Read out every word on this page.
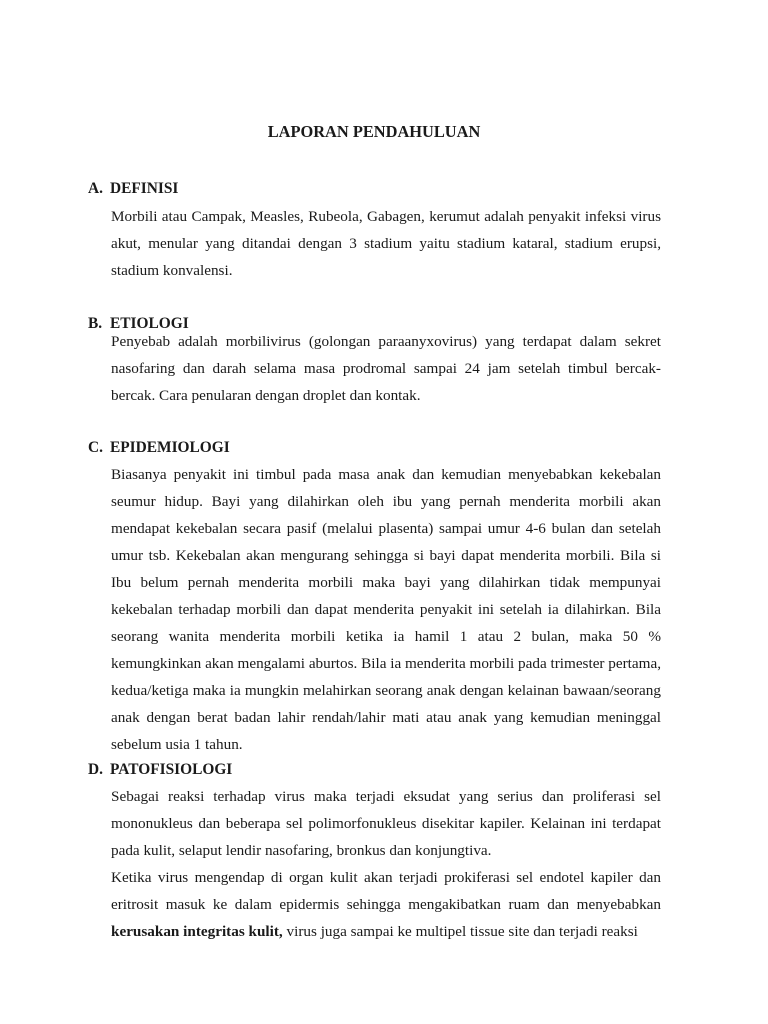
LAPORAN PENDAHULUAN
A. DEFINISI

Morbili atau Campak, Measles, Rubeola, Gabagen, kerumut adalah penyakit infeksi virus akut, menular yang ditandai dengan 3 stadium yaitu stadium kataral, stadium erupsi, stadium konvalensi.

B. ETIOLOGI

Penyebab adalah morbilivirus (golongan paraanyxovirus) yang terdapat dalam sekret nasofaring dan darah selama masa prodromal sampai 24 jam setelah timbul bercak-bercak. Cara penularan dengan droplet dan kontak.

C. EPIDEMIOLOGI

Biasanya penyakit ini timbul pada masa anak dan kemudian menyebabkan kekebalan seumur hidup. Bayi yang dilahirkan oleh ibu yang pernah menderita morbili akan mendapat kekebalan secara pasif (melalui plasenta) sampai umur 4-6 bulan dan setelah umur tsb. Kekebalan akan mengurang sehingga si bayi dapat menderita morbili. Bila si Ibu belum pernah menderita morbili maka bayi yang dilahirkan tidak mempunyai kekebalan terhadap morbili dan dapat menderita penyakit ini setelah ia dilahirkan. Bila seorang wanita menderita morbili ketika ia hamil 1 atau 2 bulan, maka 50 % kemungkinkan akan mengalami aburtos. Bila ia menderita morbili pada trimester pertama, kedua/ketiga maka ia mungkin melahirkan seorang anak dengan kelainan bawaan/seorang anak dengan berat badan lahir rendah/lahir mati atau anak yang kemudian meninggal sebelum usia 1 tahun.

D. PATOFISIOLOGI

Sebagai reaksi terhadap virus maka terjadi eksudat yang serius dan proliferasi sel mononukleus dan beberapa sel polimorfonukleus disekitar kapiler. Kelainan ini terdapat pada kulit, selaput lendir nasofaring, bronkus dan konjungtiva.

Ketika virus mengendap di organ kulit akan terjadi prokiferasi sel endotel kapiler dan eritrosit masuk ke dalam epidermis sehingga mengakibatkan ruam dan menyebabkan kerusakan integritas kulit, virus juga sampai ke multipel tissue site dan terjadi reaksi
